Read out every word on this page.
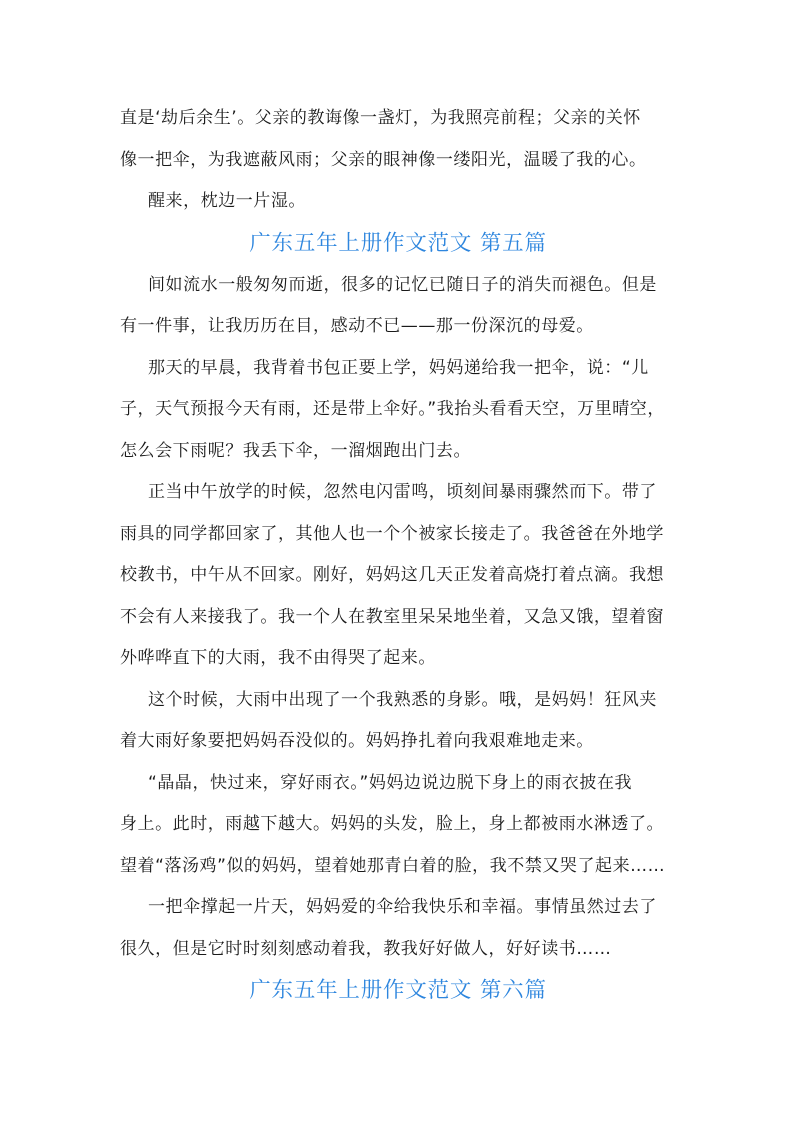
直是‘劫后余生’。父亲的教诲像一盏灯，为我照亮前程；父亲的关怀
像一把伞，为我遮蔽风雨；父亲的眼神像一缕阳光，温暖了我的心。
醒来，枕边一片湿。
广东五年上册作文范文 第五篇
间如流水一般匆匆而逝，很多的记忆已随日子的消失而褪色。但是
有一件事，让我历历在目，感动不已——那一份深沉的母爱。
那天的早晨，我背着书包正要上学，妈妈递给我一把伞，说：“儿
子，天气预报今天有雨，还是带上伞好。”我抬头看看天空，万里晴空，
怎么会下雨呢？我丢下伞，一溜烟跑出门去。
正当中午放学的时候，忽然电闪雷鸣，顷刻间暴雨骤然而下。带了
雨具的同学都回家了，其他人也一个个被家长接走了。我爸爸在外地学
校教书，中午从不回家。刚好，妈妈这几天正发着高烧打着点滴。我想
不会有人来接我了。我一个人在教室里呆呆地坐着，又急又饿，望着窗
外哗哗直下的大雨，我不由得哭了起来。
这个时候，大雨中出现了一个我熟悉的身影。哦，是妈妈！狂风夹
着大雨好象要把妈妈吞没似的。妈妈挣扎着向我艰难地走来。
“晶晶，快过来，穿好雨衣。”妈妈边说边脱下身上的雨衣披在我
身上。此时，雨越下越大。妈妈的头发，脸上，身上都被雨水淋透了。
望着“落汤鸡”似的妈妈，望着她那青白着的脸，我不禁又哭了起来……
一把伞撑起一片天，妈妈爱的伞给我快乐和幸福。事情虽然过去了
很久，但是它时时刻刻感动着我，教我好好做人，好好读书……
广东五年上册作文范文 第六篇
